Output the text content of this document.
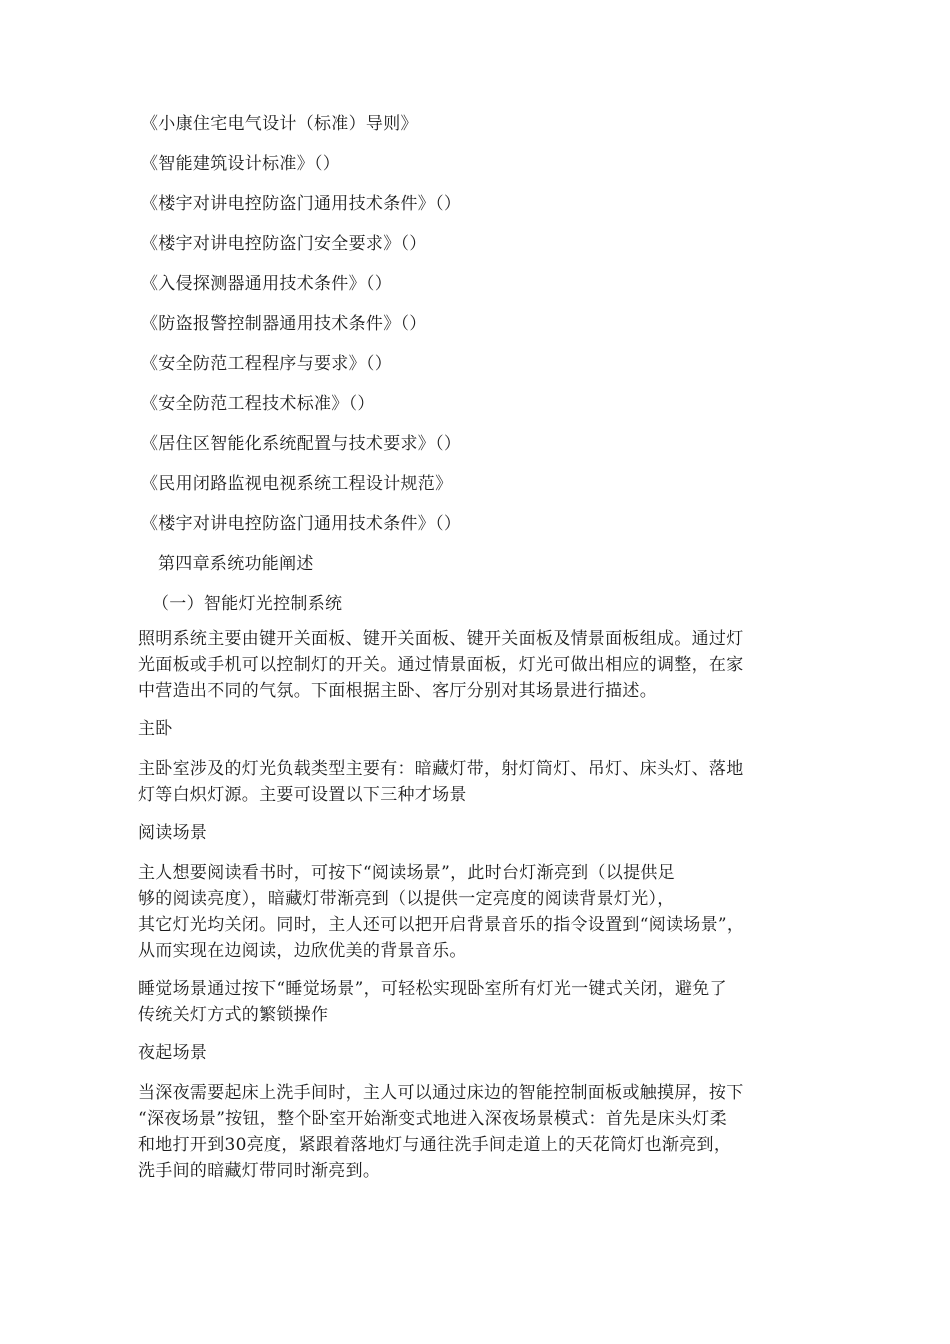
《小康住宅电气设计（标准）导则》
《智能建筑设计标准》（）
《楼宇对讲电控防盗门通用技术条件》（）
《楼宇对讲电控防盗门安全要求》（）
《入侵探测器通用技术条件》（）
《防盗报警控制器通用技术条件》（）
《安全防范工程程序与要求》（）
《安全防范工程技术标准》（）
《居住区智能化系统配置与技术要求》（）
《民用闭路监视电视系统工程设计规范》
《楼宇对讲电控防盗门通用技术条件》（）
第四章系统功能阐述
（一）智能灯光控制系统

照明系统主要由键开关面板、键开关面板、键开关面板及情景面板组成。通过灯
光面板或手机可以控制灯的开关。通过情景面板，灯光可做出相应的调整，在家
中营造出不同的气氛。下面根据主卧、客厅分别对其场景进行描述。

主卧

主卧室涉及的灯光负载类型主要有：暗藏灯带，射灯筒灯、吊灯、床头灯、落地
灯等白炽灯源。主要可设置以下三种才场景

阅读场景

主人想要阅读看书时，可按下“阅读场景”，此时台灯渐亮到（以提供足
够的阅读亮度），暗藏灯带渐亮到（以提供一定亮度的阅读背景灯光），
其它灯光均关闭。同时，主人还可以把开启背景音乐的指令设置到“阅读场景”，
从而实现在边阅读，边欣优美的背景音乐。

睡觉场景通过按下“睡觉场景”，可轻松实现卧室所有灯光一键式关闭，避免了
传统关灯方式的繁锁操作

夜起场景

当深夜需要起床上洗手间时，主人可以通过床边的智能控制面板或触摸屏，按下
“深夜场景”按钮，整个卧室开始渐变式地进入深夜场景模式：首先是床头灯柔
和地打开到30亮度，紧跟着落地灯与通往洗手间走道上的天花筒灯也渐亮到，
洗手间的暗藏灯带同时渐亮到。
